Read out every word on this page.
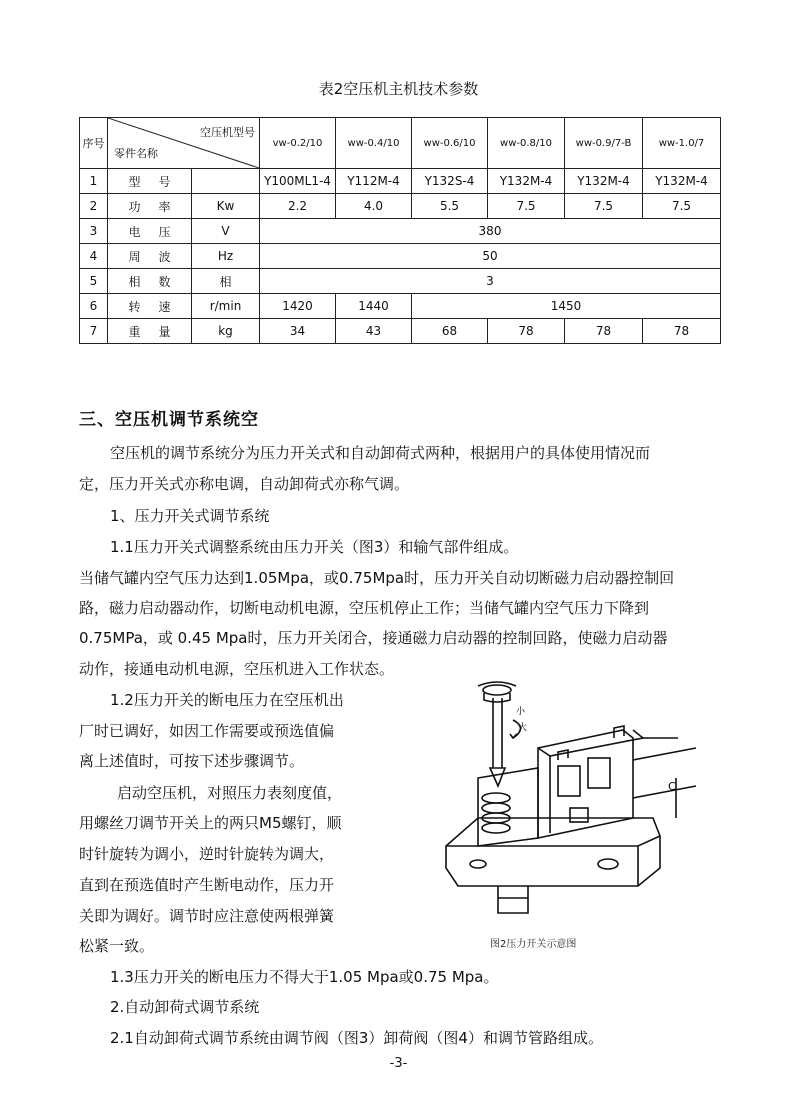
表2空压机主机技术参数
序号	空压机型号
零件名称		vw-0.2/10	ww-0.4/10	ww-0.6/10	ww-0.8/10	ww-0.9/7-B	ww-1.0/7
1	型号		Y100ML1-4	Y112M-4	Y132S-4	Y132M-4	Y132M-4	Y132M-4
2	功率	Kw	2.2	4.0	5.5	7.5	7.5	7.5
3	电压	V	380					
4	周波	Hz	50					
5	相数	相	3					
6	转速	r/min	1420	1440	1450			
7	重量	kg	34	43	68	78	78	78
三、空压机调节系统空
空压机的调节系统分为压力开关式和自动卸荷式两种，根据用户的具体使用情况而
定，压力开关式亦称电调，自动卸荷式亦称气调。
1、压力开关式调节系统
1.1压力开关式调整系统由压力开关（图3）和输气部件组成。
当储气罐内空气压力达到1.05Mpa，或0.75Mpa时，压力开关自动切断磁力启动器控制回
路，磁力启动器动作，切断电动机电源，空压机停止工作；当储气罐内空气压力下降到
0.75MPa，或 0.45 Mpa时，压力开关闭合，接通磁力启动器的控制回路，使磁力启动器
动作，接通电动机电源，空压机进入工作状态。
1.2压力开关的断电压力在空压机出
厂时已调好，如因工作需要或预选值偏
离上述值时，可按下述步骤调节。
启动空压机，对照压力表刻度值，
用螺丝刀调节开关上的两只M5螺钉，顺
时针旋转为调小，逆时针旋转为调大，
直到在预选值时产生断电动作，压力开
关即为调好。调节时应注意使两根弹簧
松紧一致。
1.3压力开关的断电压力不得大于1.05 Mpa或0.75 Mpa。
2.自动卸荷式调节系统
2.1自动卸荷式调节系统由调节阀（图3）卸荷阀（图4）和调节管路组成。
小
大
C
图2压力开关示意图
-3-
